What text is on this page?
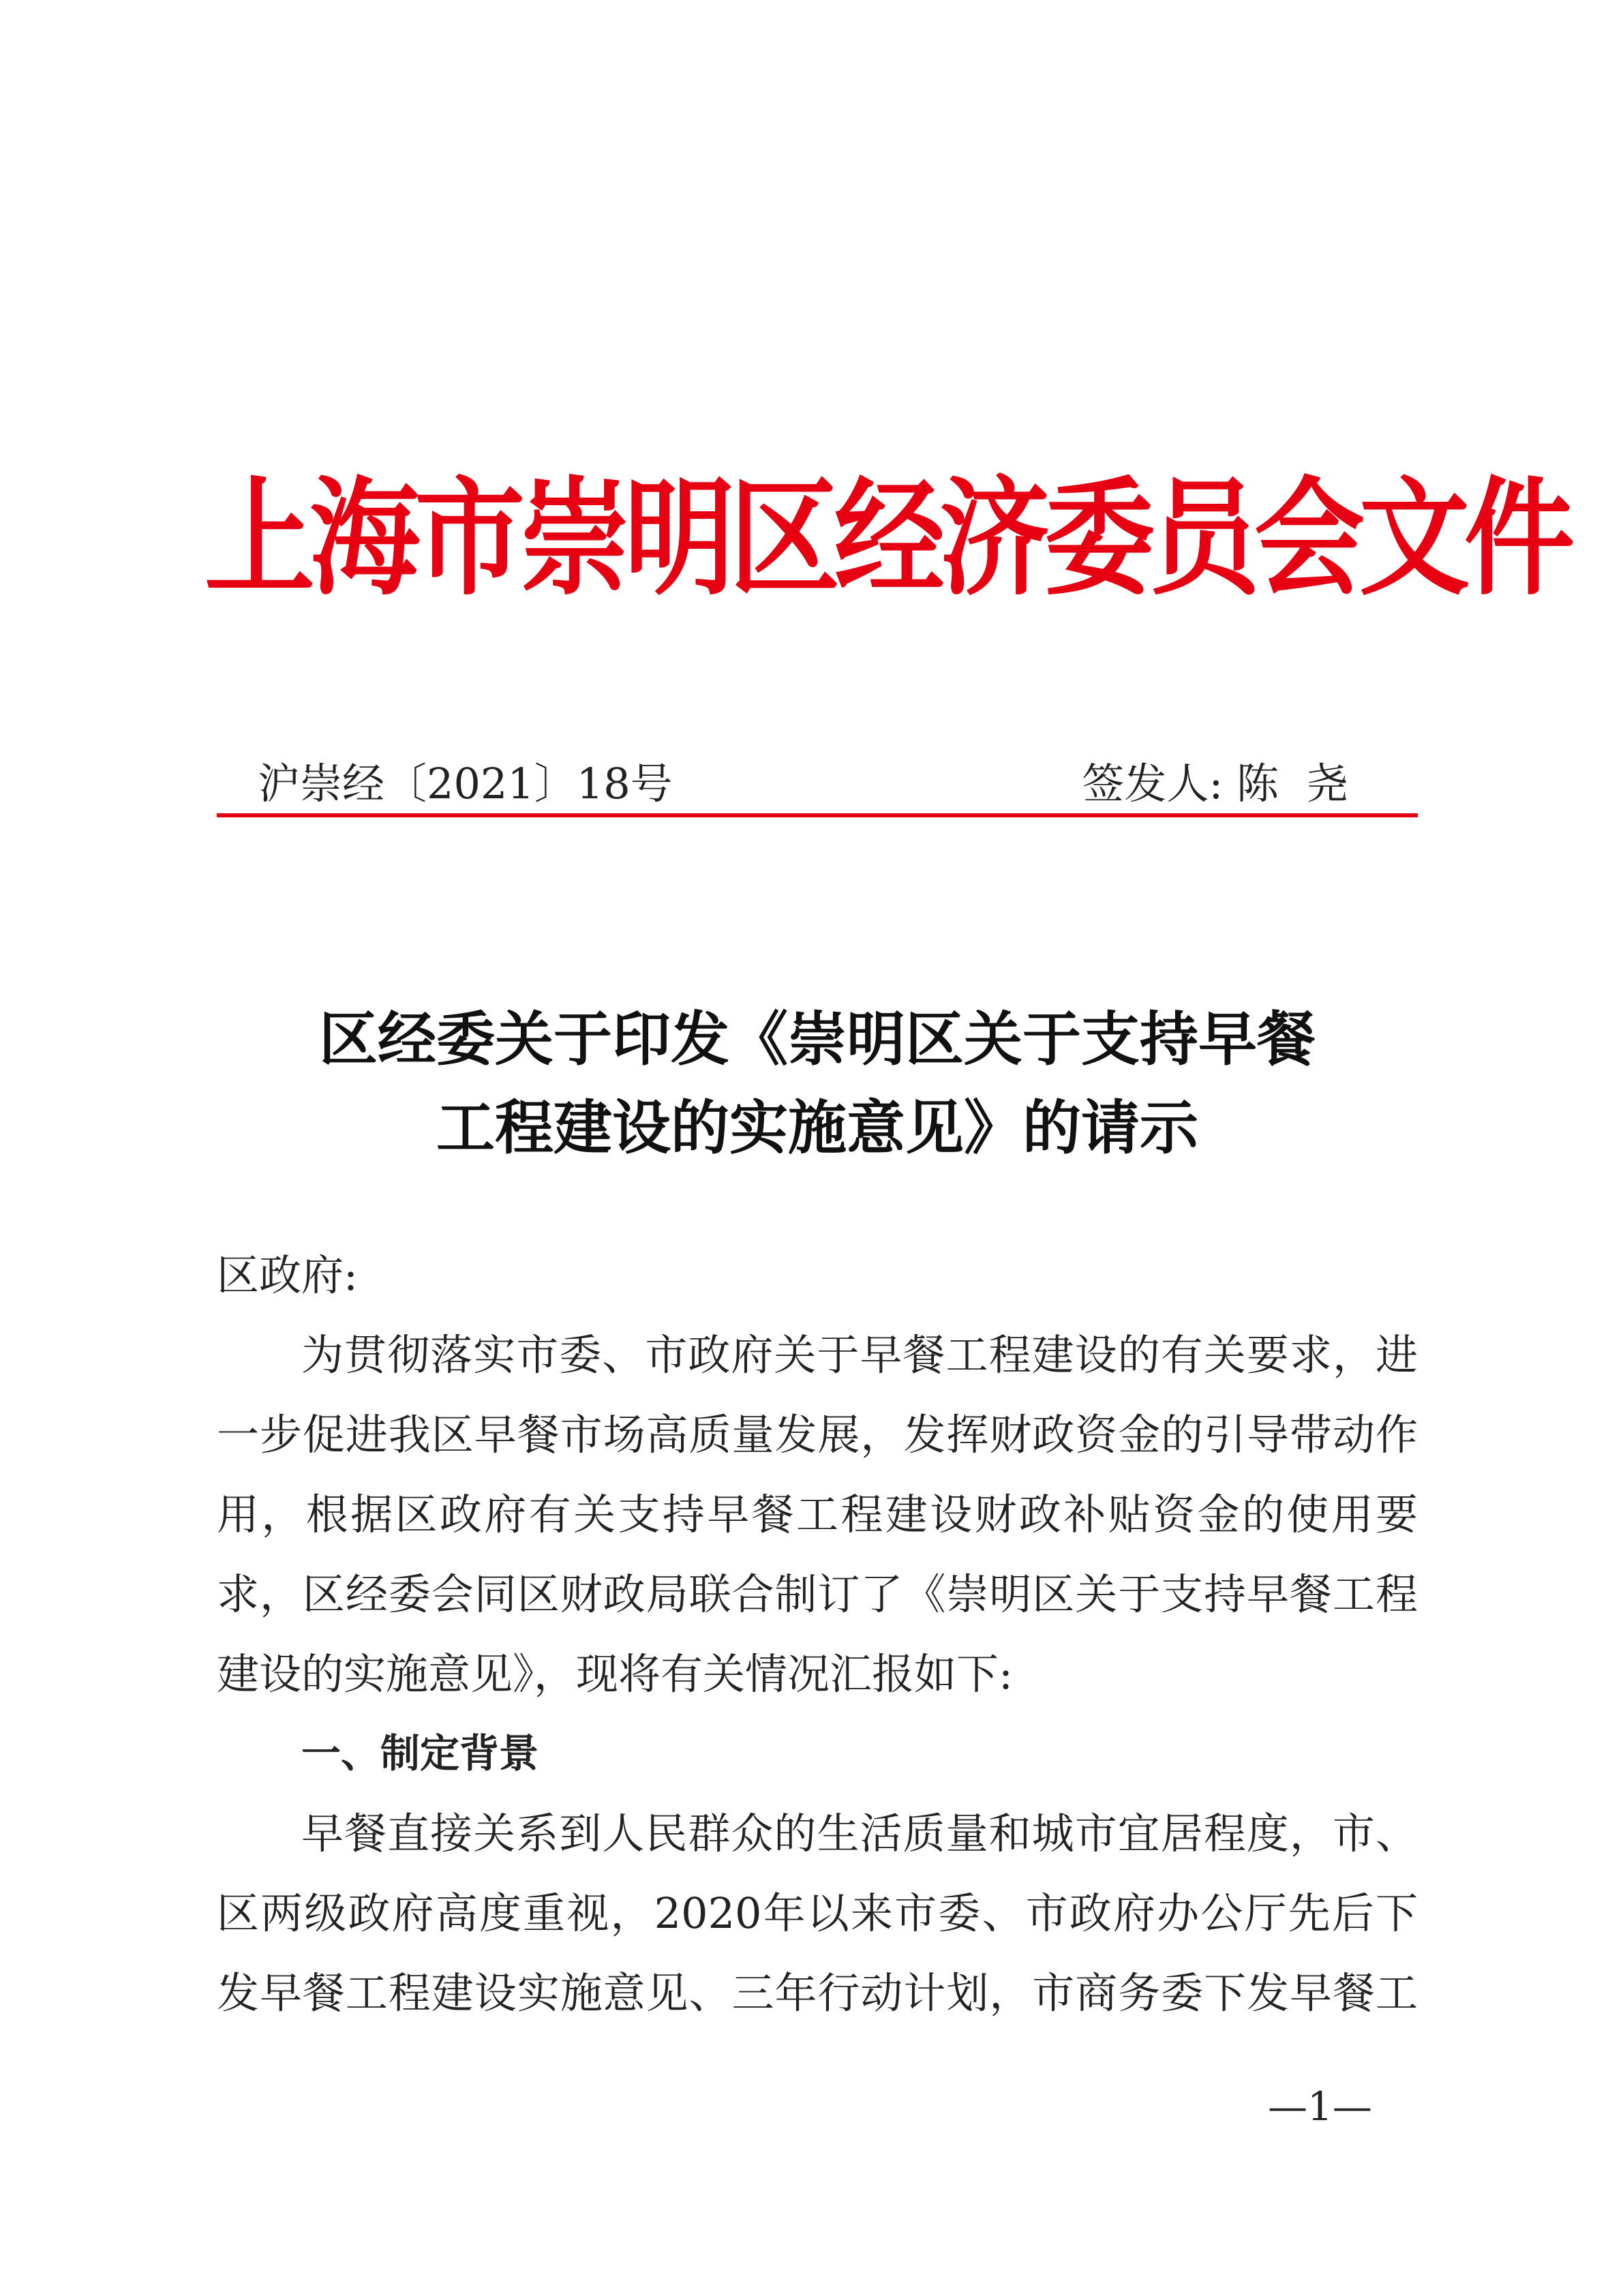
上海市崇明区经济委员会文件
沪崇经〔2021〕18号	签发人: 陈尧
区经委关于印发《崇明区关于支持早餐
工程建设的实施意见》的请示
区政府:
为贯彻落实市委、市政府关于早餐工程建设的有关要求，进
一步促进我区早餐市场高质量发展，发挥财政资金的引导带动作
用，根据区政府有关支持早餐工程建设财政补贴资金的使用要
求，区经委会同区财政局联合制订了《崇明区关于支持早餐工程
建设的实施意见》，现将有关情况汇报如下:
一、制定背景
早餐直接关系到人民群众的生活质量和城市宜居程度，市、
区两级政府高度重视，2020年以来市委、市政府办公厅先后下
发早餐工程建设实施意见、三年行动计划，市商务委下发早餐工
—1—
